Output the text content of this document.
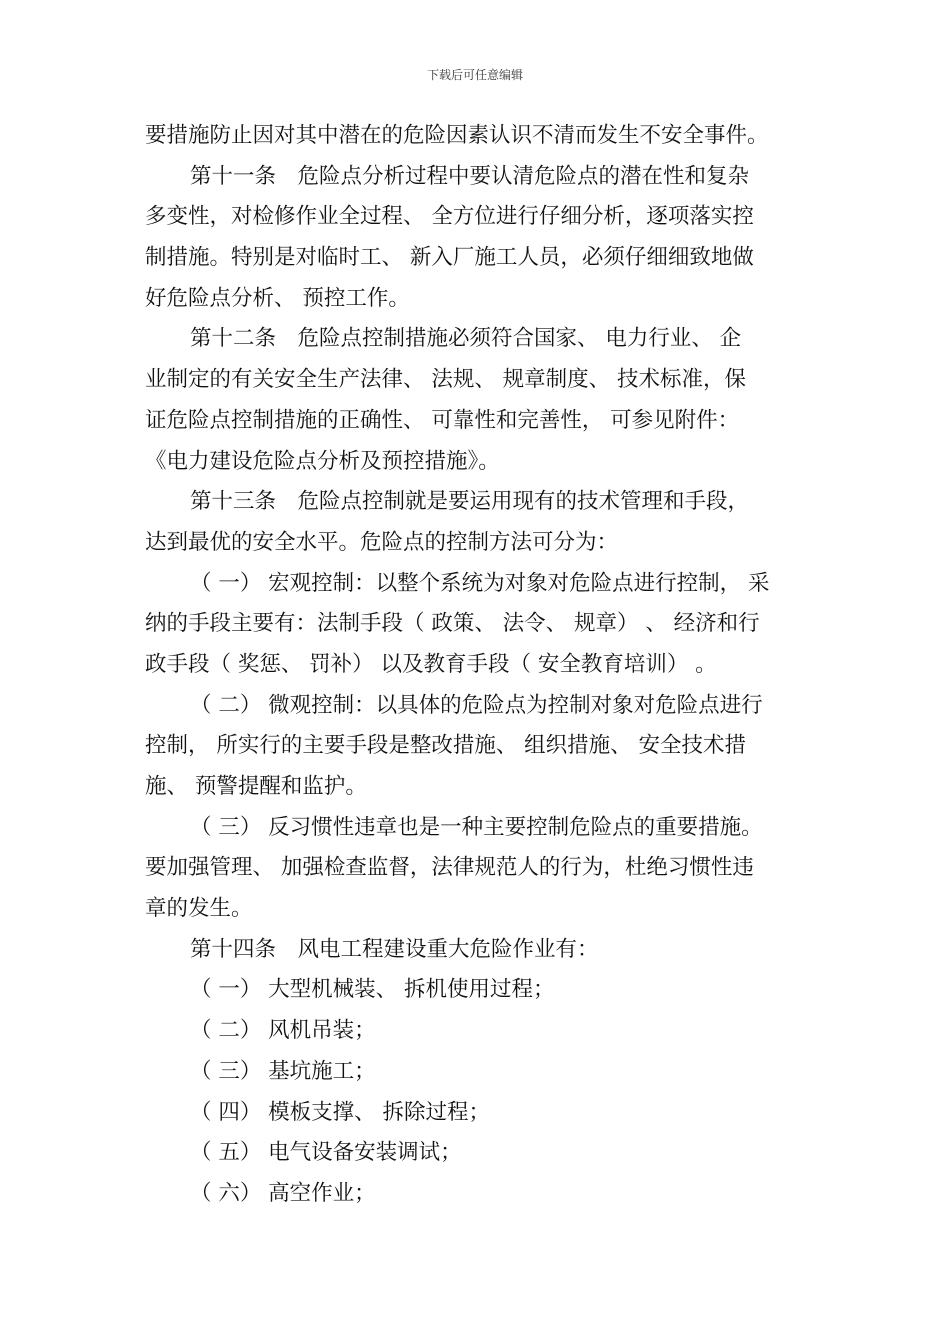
下载后可任意编辑
要措施防止因对其中潜在的危险因素认识不清而发生不安全事件。
第十一条　危险点分析过程中要认清危险点的潜在性和复杂
多变性，对检修作业全过程、 全方位进行仔细分析，逐项落实控
制措施。特别是对临时工、 新入厂施工人员，必须仔细细致地做
好危险点分析、 预控工作。
第十二条　危险点控制措施必须符合国家、 电力行业、 企
业制定的有关安全生产法律、 法规、 规章制度、 技术标准，保
证危险点控制措施的正确性、 可靠性和完善性， 可参见附件：
《电力建设危险点分析及预控措施》。
第十三条　危险点控制就是要运用现有的技术管理和手段，
达到最优的安全水平。危险点的控制方法可分为：
（ 一） 宏观控制：以整个系统为对象对危险点进行控制， 采
纳的手段主要有：法制手段（ 政策、 法令、 规章） 、 经济和行
政手段（ 奖惩、 罚补） 以及教育手段（ 安全教育培训） 。
（ 二） 微观控制：以具体的危险点为控制对象对危险点进行
控制， 所实行的主要手段是整改措施、 组织措施、 安全技术措
施、 预警提醒和监护。
（ 三） 反习惯性违章也是一种主要控制危险点的重要措施。
要加强管理、 加强检查监督，法律规范人的行为，杜绝习惯性违
章的发生。
第十四条　风电工程建设重大危险作业有：
（ 一） 大型机械装、 拆机使用过程；
（ 二） 风机吊装；
（ 三） 基坑施工；
（ 四） 模板支撑、 拆除过程；
（ 五） 电气设备安装调试；
（ 六） 高空作业；
